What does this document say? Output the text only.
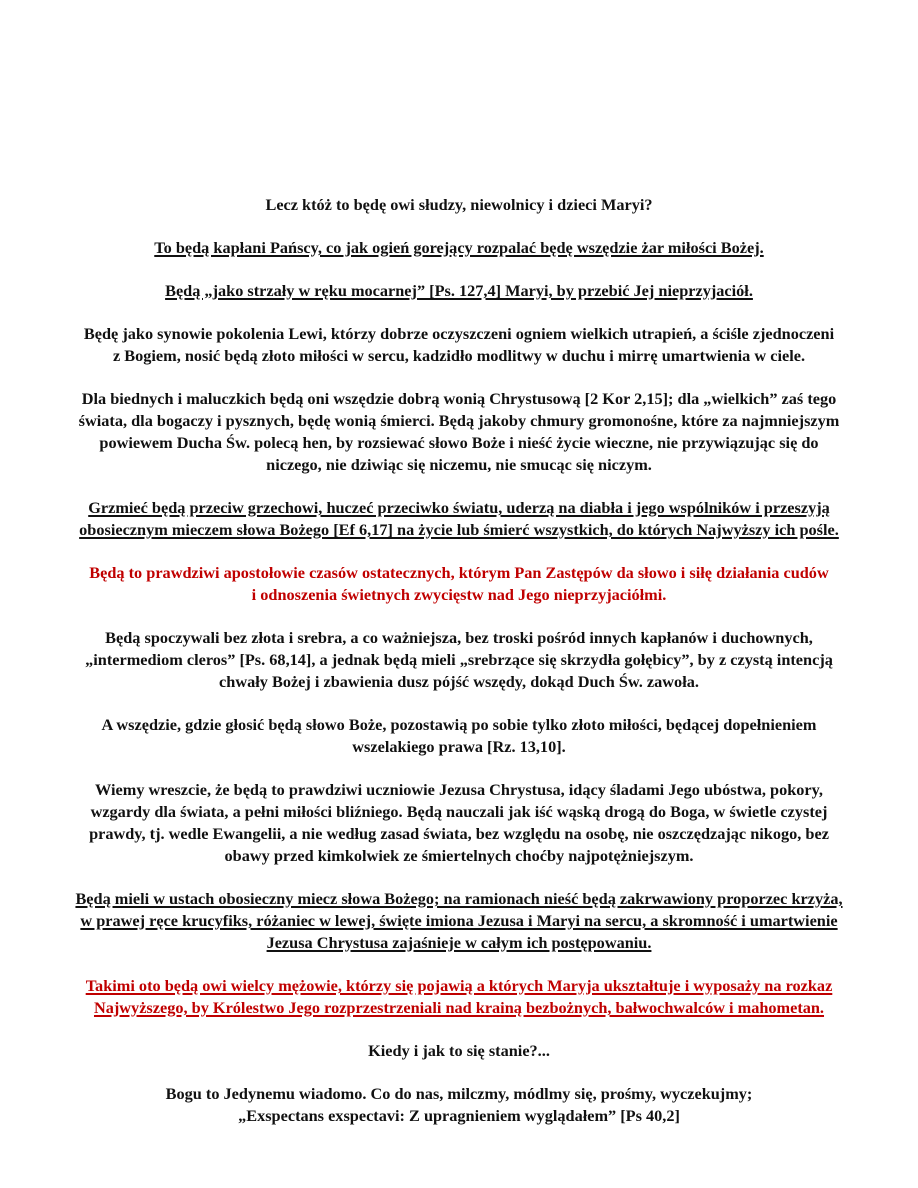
Lecz któż to będę owi słudzy, niewolnicy i dzieci Maryi?

To będą kapłani Pańscy, co jak ogień gorejący rozpalać będę wszędzie żar miłości Bożej.

Będą „jako strzały w ręku mocarnej” [Ps. 127,4] Maryi, by przebić Jej nieprzyjaciół.

Będę jako synowie pokolenia Lewi, którzy dobrze oczyszczeni ogniem wielkich utrapień, a ściśle zjednoczeni
z Bogiem, nosić będą złoto miłości w sercu, kadzidło modlitwy w duchu i mirrę umartwienia w ciele.

Dla biednych i maluczkich będą oni wszędzie dobrą wonią Chrystusową [2 Kor 2,15]; dla „wielkich” zaś tego
świata, dla bogaczy i pysznych, będę wonią śmierci. Będą jakoby chmury gromonośne, które za najmniejszym
powiewem Ducha Św. polecą hen, by rozsiewać słowo Boże i nieść życie wieczne, nie przywiązując się do
niczego, nie dziwiąc się niczemu, nie smucąc się niczym.

Grzmieć będą przeciw grzechowi, huczeć przeciwko światu, uderzą na diabła i jego wspólników i przeszyją
obosiecznym mieczem słowa Bożego [Ef 6,17] na życie lub śmierć wszystkich, do których Najwyższy ich pośle.

Będą to prawdziwi apostołowie czasów ostatecznych, którym Pan Zastępów da słowo i siłę działania cudów
i odnoszenia świetnych zwycięstw nad Jego nieprzyjaciółmi.

Będą spoczywali bez złota i srebra, a co ważniejsza, bez troski pośród innych kapłanów i duchownych,
„intermediom cleros” [Ps. 68,14], a jednak będą mieli „srebrzące się skrzydła gołębicy”, by z czystą intencją
chwały Bożej i zbawienia dusz pójść wszędy, dokąd Duch Św. zawoła.

A wszędzie, gdzie głosić będą słowo Boże, pozostawią po sobie tylko złoto miłości, będącej dopełnieniem
wszelakiego prawa [Rz. 13,10].

Wiemy wreszcie, że będą to prawdziwi uczniowie Jezusa Chrystusa, idący śladami Jego ubóstwa, pokory,
wzgardy dla świata, a pełni miłości bliźniego. Będą nauczali jak iść wąską drogą do Boga, w świetle czystej
prawdy, tj. wedle Ewangelii, a nie według zasad świata, bez względu na osobę, nie oszczędzając nikogo, bez
obawy przed kimkolwiek ze śmiertelnych choćby najpotężniejszym.

Będą mieli w ustach obosieczny miecz słowa Bożego; na ramionach nieść będą zakrwawiony proporzec krzyża,
w prawej ręce krucyfiks, różaniec w lewej, święte imiona Jezusa i Maryi na sercu, a skromność i umartwienie
Jezusa Chrystusa zajaśnieje w całym ich postępowaniu.

Takimi oto będą owi wielcy mężowie, którzy się pojawią a których Maryja ukształtuje i wyposaży na rozkaz
Najwyższego, by Królestwo Jego rozprzestrzeniali nad krainą bezbożnych, bałwochwalców i mahometan.

Kiedy i jak to się stanie?...

Bogu to Jedynemu wiadomo. Co do nas, milczmy, módlmy się, prośmy, wyczekujmy;
„Exspectans exspectavi: Z upragnieniem wyglądałem” [Ps 40,2]
